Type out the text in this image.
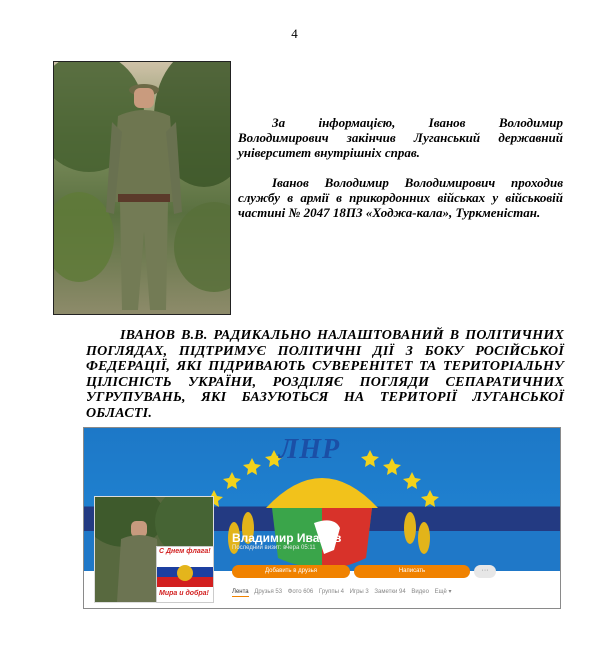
4
За інформацією, Іванов Володимир Володимирович закінчив Луганський державний університет внутрішніх справ.
Іванов Володимир Володимирович проходив службу в армії в прикордонних військах у військовій частині № 2047 18ПЗ «Ходжа-кала», Туркменістан.
ІВАНОВ В.В. РАДИКАЛЬНО НАЛАШТОВАНИЙ В ПОЛІТИЧНИХ ПОГЛЯДАХ, ПІДТРИМУЄ ПОЛІТИЧНІ ДІЇ З БОКУ РОСІЙСЬКОЇ ФЕДЕРАЦІЇ, ЯКІ ПІДРИВАЮТЬ СУВЕРЕНІТЕТ ТА ТЕРИТОРІАЛЬНУ ЦІЛІСНІСТЬ УКРАЇНИ, РОЗДІЛЯЄ ПОГЛЯДИ СЕПАРАТИЧНИХ УГРУПУВАНЬ, ЯКІ БАЗУЮТЬСЯ НА ТЕРИТОРІЇ ЛУГАНСЬКОЇ ОБЛАСТІ.
ЛНР
С Днем флага!
Мира и добра!
Владимир Иванов
Последний визит: вчера 05:11
Добавить в друзья	Написать	···
Лента Друзья 53 Фото 606 Группы 4 Игры 3 Заметки 94 Видео Ещё ▾
